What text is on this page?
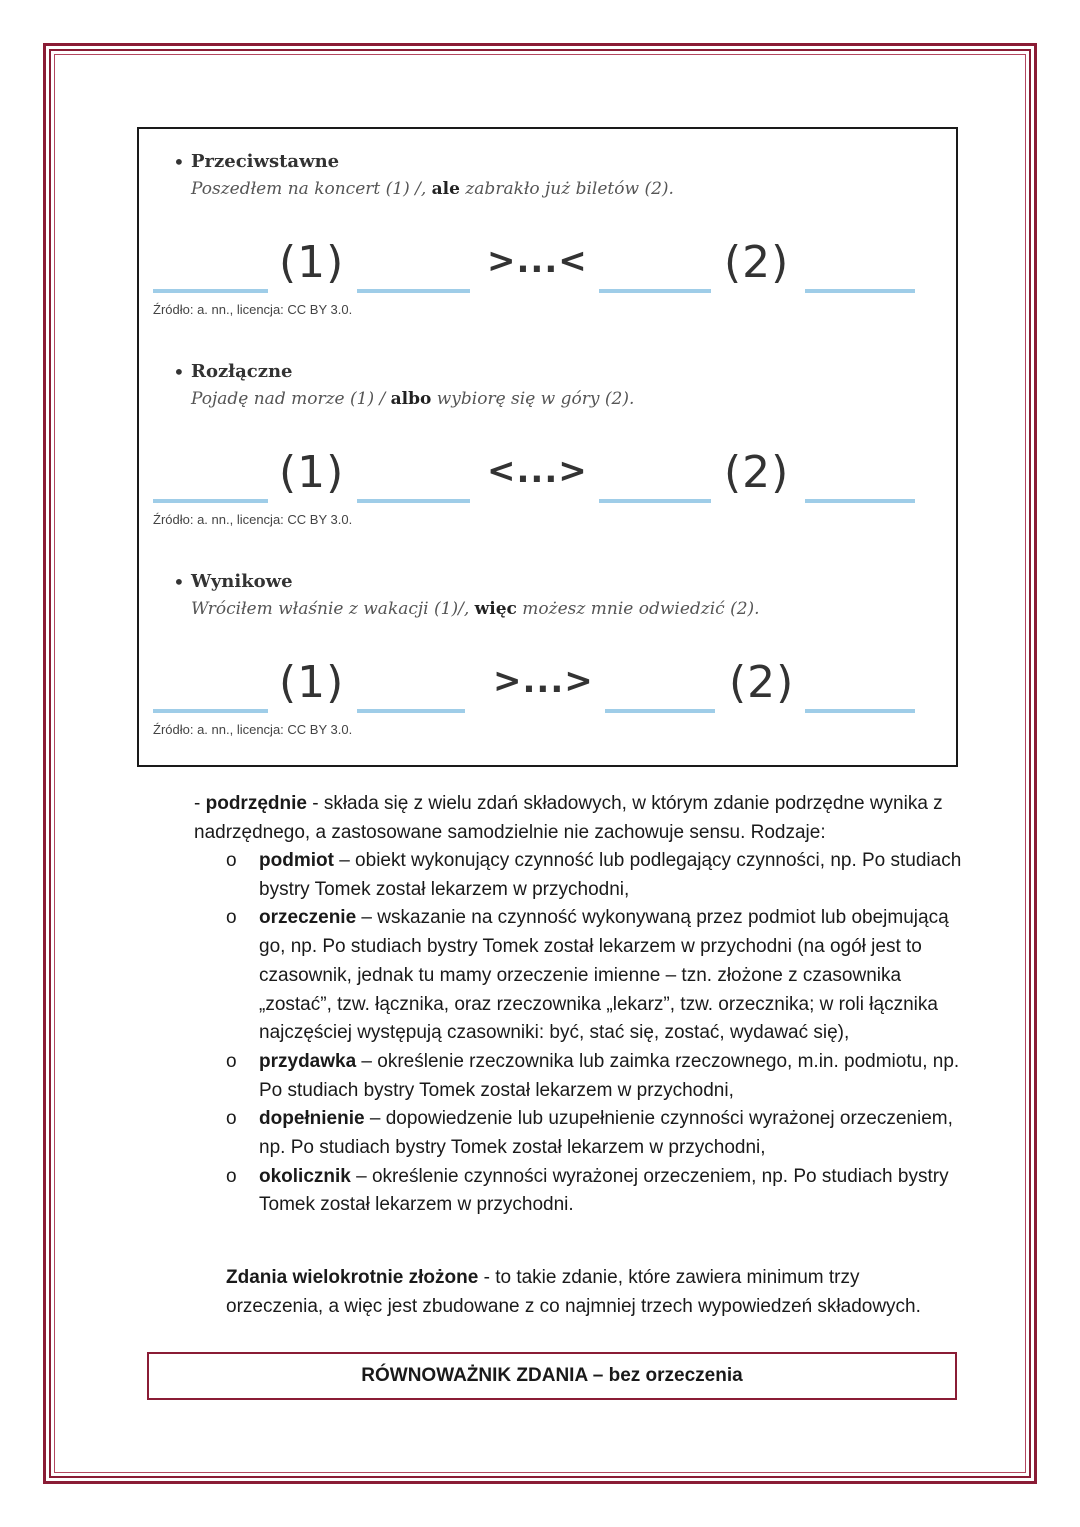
• Przeciwstawne
Poszedłem na koncert (1) /, ale zabrakło już biletów (2).
(1)	>...<	(2)
Źródło: a. nn., licencja: CC BY 3.0.
• Rozłączne
Pojadę nad morze (1) / albo wybiorę się w góry (2).
(1)	<...>	(2)
Źródło: a. nn., licencja: CC BY 3.0.
• Wynikowe
Wróciłem właśnie z wakacji (1)/, więc możesz mnie odwiedzić (2).
(1)	>...>	(2)
Źródło: a. nn., licencja: CC BY 3.0.
- podrzędnie - składa się z wielu zdań składowych, w którym zdanie podrzędne wynika z nadrzędnego, a zastosowane samodzielnie nie zachowuje sensu. Rodzaje:
o podmiot – obiekt wykonujący czynność lub podlegający czynności, np. Po studiach bystry Tomek został lekarzem w przychodni,
o orzeczenie – wskazanie na czynność wykonywaną przez podmiot lub obejmującą go, np. Po studiach bystry Tomek został lekarzem w przychodni (na ogół jest to czasownik, jednak tu mamy orzeczenie imienne – tzn. złożone z czasownika „zostać”, tzw. łącznika, oraz rzeczownika „lekarz”, tzw. orzecznika; w roli łącznika najczęściej występują czasowniki: być, stać się, zostać, wydawać się),
o przydawka – określenie rzeczownika lub zaimka rzeczownego, m.in. podmiotu, np. Po studiach bystry Tomek został lekarzem w przychodni,
o dopełnienie – dopowiedzenie lub uzupełnienie czynności wyrażonej orzeczeniem, np. Po studiach bystry Tomek został lekarzem w przychodni,
o okolicznik – określenie czynności wyrażonej orzeczeniem, np. Po studiach bystry Tomek został lekarzem w przychodni.
Zdania wielokrotnie złożone - to takie zdanie, które zawiera minimum trzy orzeczenia, a więc jest zbudowane z co najmniej trzech wypowiedzeń składowych.
RÓWNOWAŻNIK ZDANIA – bez orzeczenia
